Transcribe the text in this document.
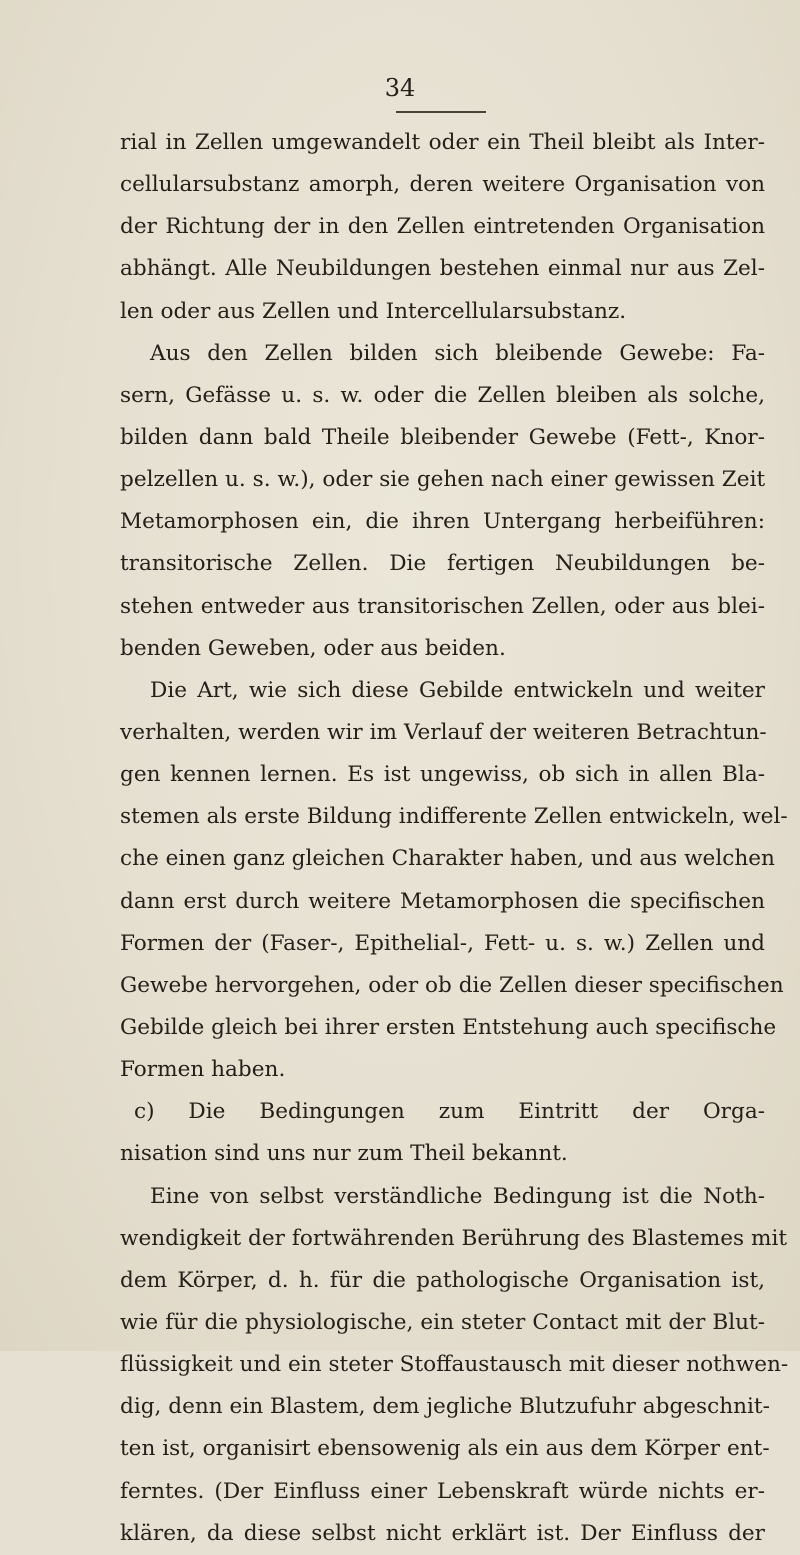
34
rial in Zellen umgewandelt oder ein Theil bleibt als Inter-
cellularsubstanz amorph, deren weitere Organisation von
der Richtung der in den Zellen eintretenden Organisation
abhängt. Alle Neubildungen bestehen einmal nur aus Zel-
len oder aus Zellen und Intercellularsubstanz.
Aus den Zellen bilden sich bleibende Gewebe: Fa-
sern, Gefässe u. s. w. oder die Zellen bleiben als solche,
bilden dann bald Theile bleibender Gewebe (Fett-, Knor-
pelzellen u. s. w.), oder sie gehen nach einer gewissen Zeit
Metamorphosen ein, die ihren Untergang herbeiführen:
transitorische Zellen. Die fertigen Neubildungen be-
stehen entweder aus transitorischen Zellen, oder aus blei-
benden Geweben, oder aus beiden.
Die Art, wie sich diese Gebilde entwickeln und weiter
verhalten, werden wir im Verlauf der weiteren Betrachtun-
gen kennen lernen. Es ist ungewiss, ob sich in allen Bla-
stemen als erste Bildung indifferente Zellen entwickeln, wel-
che einen ganz gleichen Charakter haben, und aus welchen
dann erst durch weitere Metamorphosen die specifischen
Formen der (Faser-, Epithelial-, Fett- u. s. w.) Zellen und
Gewebe hervorgehen, oder ob die Zellen dieser specifischen
Gebilde gleich bei ihrer ersten Entstehung auch specifische
Formen haben.
c) Die Bedingungen zum Eintritt der Orga-
nisation sind uns nur zum Theil bekannt.
Eine von selbst verständliche Bedingung ist die Noth-
wendigkeit der fortwährenden Berührung des Blastemes mit
dem Körper, d. h. für die pathologische Organisation ist,
wie für die physiologische, ein steter Contact mit der Blut-
flüssigkeit und ein steter Stoffaustausch mit dieser nothwen-
dig, denn ein Blastem, dem jegliche Blutzufuhr abgeschnit-
ten ist, organisirt ebensowenig als ein aus dem Körper ent-
ferntes. (Der Einfluss einer Lebenskraft würde nichts er-
klären, da diese selbst nicht erklärt ist. Der Einfluss der
